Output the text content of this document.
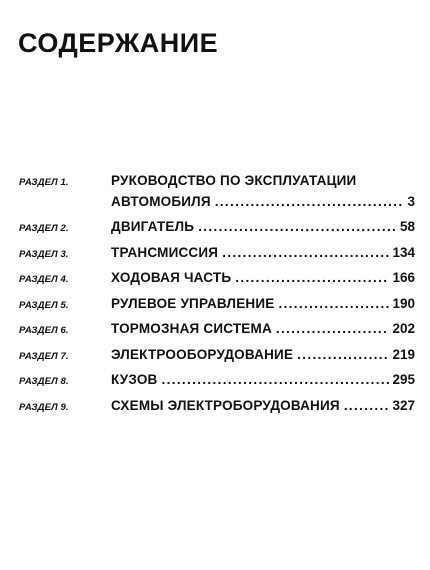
СОДЕРЖАНИЕ
РАЗДЕЛ 1.	РУКОВОДСТВО ПО ЭКСПЛУАТАЦИИ
АВТОМОБИЛЯ . . .	3
РАЗДЕЛ 2.	ДВИГАТЕЛЬ . . .	58
РАЗДЕЛ 3.	ТРАНСМИССИЯ . . .	134
РАЗДЕЛ 4.	ХОДОВАЯ ЧАСТЬ . . .	166
РАЗДЕЛ 5.	РУЛЕВОЕ УПРАВЛЕНИЕ . . .	190
РАЗДЕЛ 6.	ТОРМОЗНАЯ СИСТЕМА . . .	202
РАЗДЕЛ 7.	ЭЛЕКТРООБОРУДОВАНИЕ . . .	219
РАЗДЕЛ 8.	КУЗОВ . . .	295
РАЗДЕЛ 9.	СХЕМЫ ЭЛЕКТРОБОРУДОВАНИЯ . . .	327
